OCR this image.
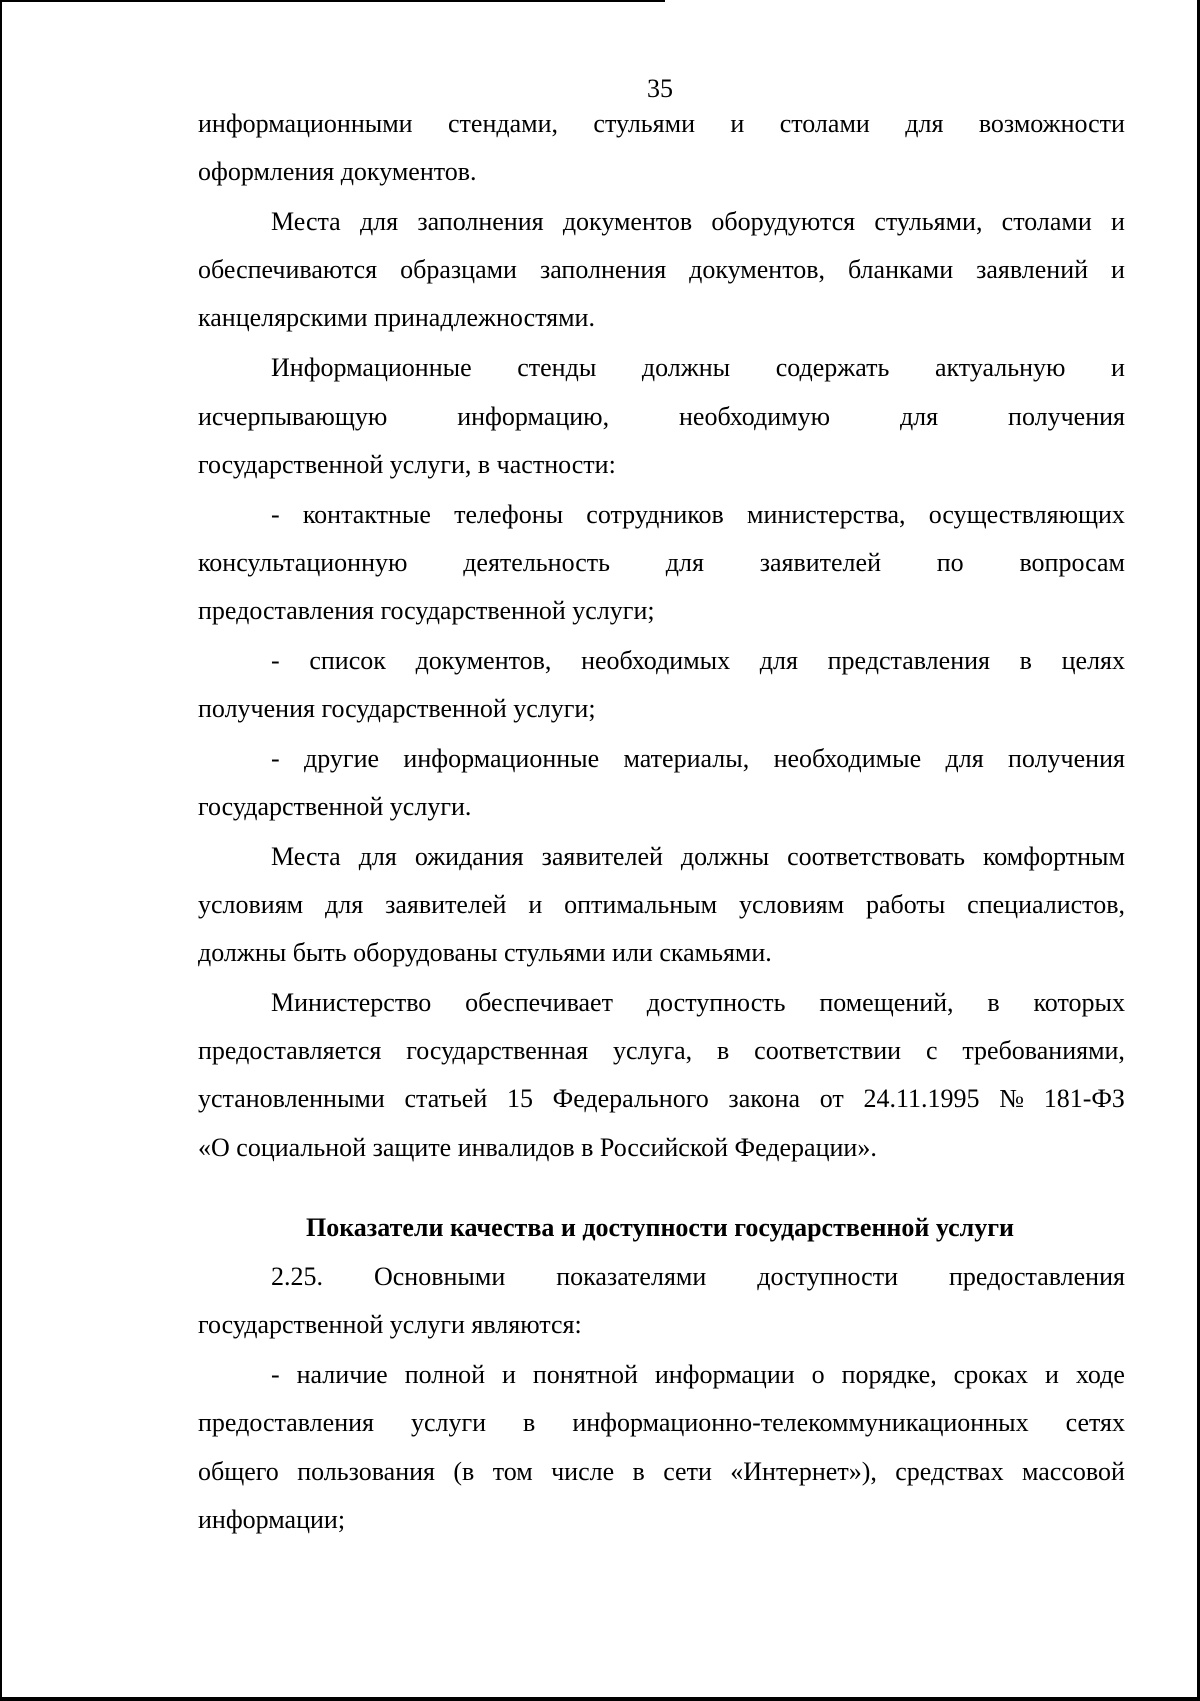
35
информационными стендами, стульями и столами для возможности
оформления документов.
Места для заполнения документов оборудуются стульями, столами и
обеспечиваются образцами заполнения документов, бланками заявлений и
канцелярскими принадлежностями.
Информационные стенды должны содержать актуальную и
исчерпывающую	информацию,	необходимую	для	получения
государственной услуги, в частности:
- контактные телефоны сотрудников министерства, осуществляющих
консультационную деятельность для заявителей по вопросам
предоставления государственной услуги;
- список документов, необходимых для представления в целях
получения государственной услуги;
- другие информационные материалы, необходимые для получения
государственной услуги.
Места для ожидания заявителей должны соответствовать комфортным
условиям для заявителей и оптимальным условиям работы специалистов,
должны быть оборудованы стульями или скамьями.
Министерство обеспечивает доступность помещений, в которых
предоставляется государственная услуга, в соответствии с требованиями,
установленными статьей 15 Федерального закона от 24.11.1995 № 181-ФЗ
«О социальной защите инвалидов в Российской Федерации».
Показатели качества и доступности государственной услуги
2.25. Основными показателями доступности предоставления
государственной услуги являются:
- наличие полной и понятной информации о порядке, сроках и ходе
предоставления услуги в информационно-телекоммуникационных сетях
общего пользования (в том числе в сети «Интернет»), средствах массовой
информации;
